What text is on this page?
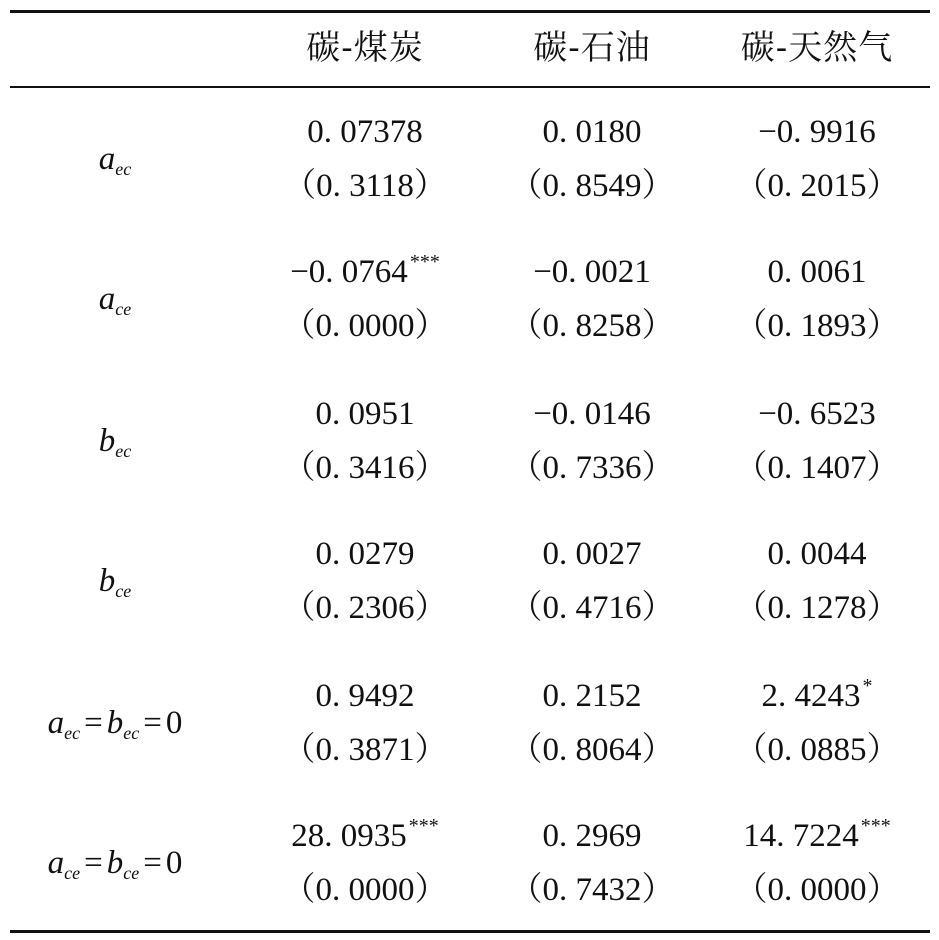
碳-煤炭	碳-石油	碳-天然气
$a_{ec}$
0. 07378
（0. 3118）
0. 0180
（0. 8549）
−0. 9916
（0. 2015）
$a_{ce}$
−0. 0764 ***
（0. 0000）
−0. 0021
（0. 8258）
0. 0061
（0. 1893）
$b_{ec}$
0. 0951
（0. 3416）
−0. 0146
（0. 7336）
−0. 6523
（0. 1407）
$b_{ce}$
0. 0279
（0. 2306）
0. 0027
（0. 4716）
0. 0044
（0. 1278）
$a_{ec} = b_{ec} = 0$
0. 9492
（0. 3871）
0. 2152
（0. 8064）
2. 4243 *
（0. 0885）
$a_{ce} = b_{ce} = 0$
28. 0935 ***
（0. 0000）
0. 2969
（0. 7432）
14. 7224 ***
（0. 0000）
